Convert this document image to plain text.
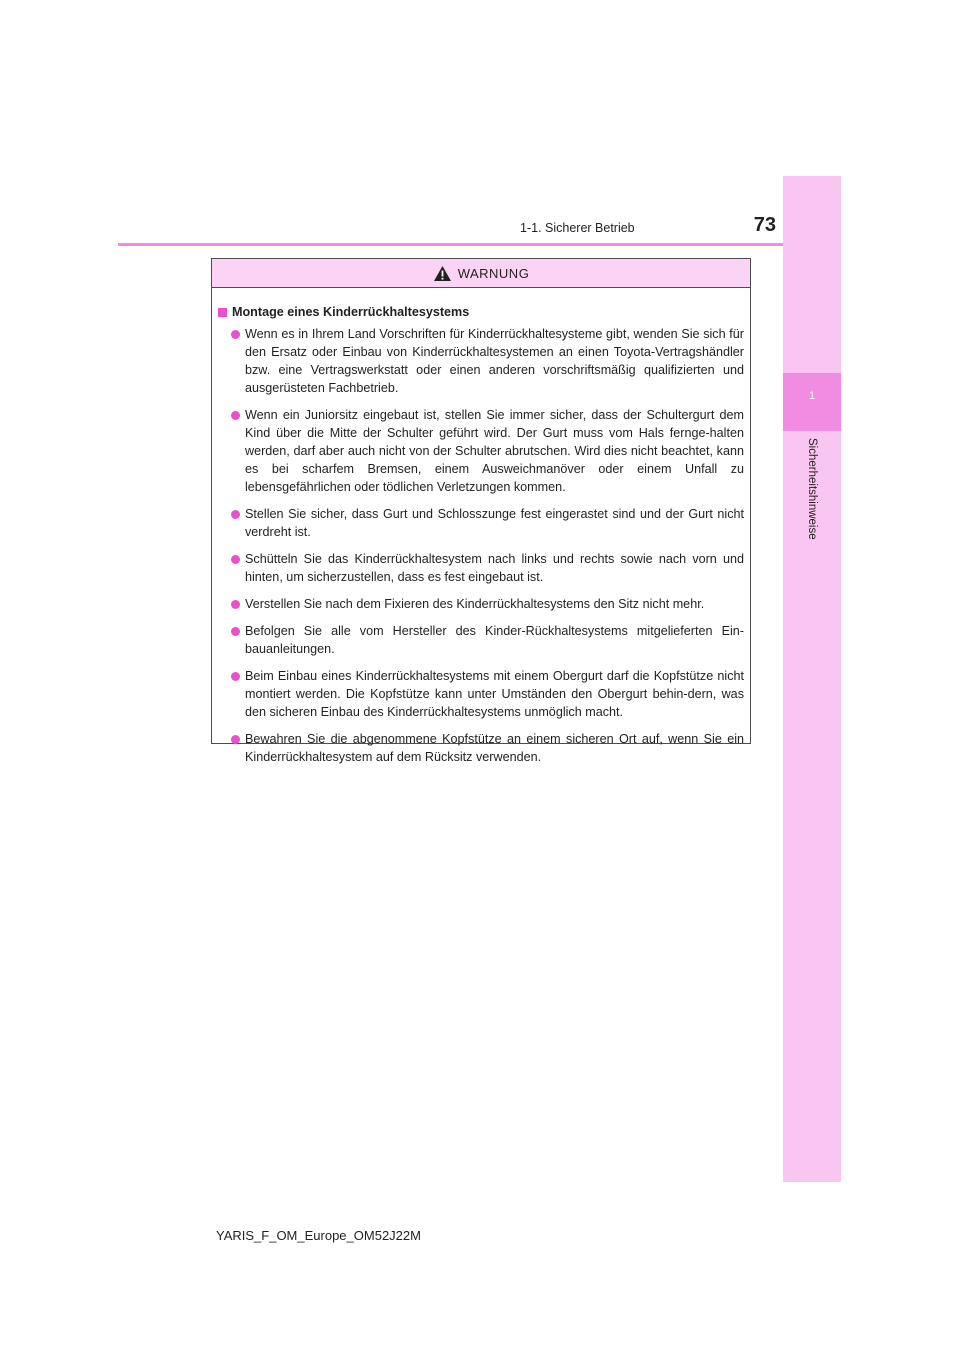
1
Sicherheitshinweise
1-1. Sicherer Betrieb	73
WARNUNG
Montage eines Kinderrückhaltesystems
Wenn es in Ihrem Land Vorschriften für Kinderrückhaltesysteme gibt, wenden Sie sich für den Ersatz oder Einbau von Kinderrückhaltesystemen an einen Toyota-Vertragshändler bzw. eine Vertragswerkstatt oder einen anderen vorschriftsmäßig qualifizierten und ausgerüsteten Fachbetrieb.
Wenn ein Juniorsitz eingebaut ist, stellen Sie immer sicher, dass der Schultergurt dem Kind über die Mitte der Schulter geführt wird. Der Gurt muss vom Hals fernge-halten werden, darf aber auch nicht von der Schulter abrutschen. Wird dies nicht beachtet, kann es bei scharfem Bremsen, einem Ausweichmanöver oder einem Unfall zu lebensgefährlichen oder tödlichen Verletzungen kommen.
Stellen Sie sicher, dass Gurt und Schlosszunge fest eingerastet sind und der Gurt nicht verdreht ist.
Schütteln Sie das Kinderrückhaltesystem nach links und rechts sowie nach vorn und hinten, um sicherzustellen, dass es fest eingebaut ist.
Verstellen Sie nach dem Fixieren des Kinderrückhaltesystems den Sitz nicht mehr.
Befolgen Sie alle vom Hersteller des Kinder-Rückhaltesystems mitgelieferten Ein-bauanleitungen.
Beim Einbau eines Kinderrückhaltesystems mit einem Obergurt darf die Kopfstütze nicht montiert werden. Die Kopfstütze kann unter Umständen den Obergurt behin-dern, was den sicheren Einbau des Kinderrückhaltesystems unmöglich macht.
Bewahren Sie die abgenommene Kopfstütze an einem sicheren Ort auf, wenn Sie ein Kinderrückhaltesystem auf dem Rücksitz verwenden.
YARIS_F_OM_Europe_OM52J22M
